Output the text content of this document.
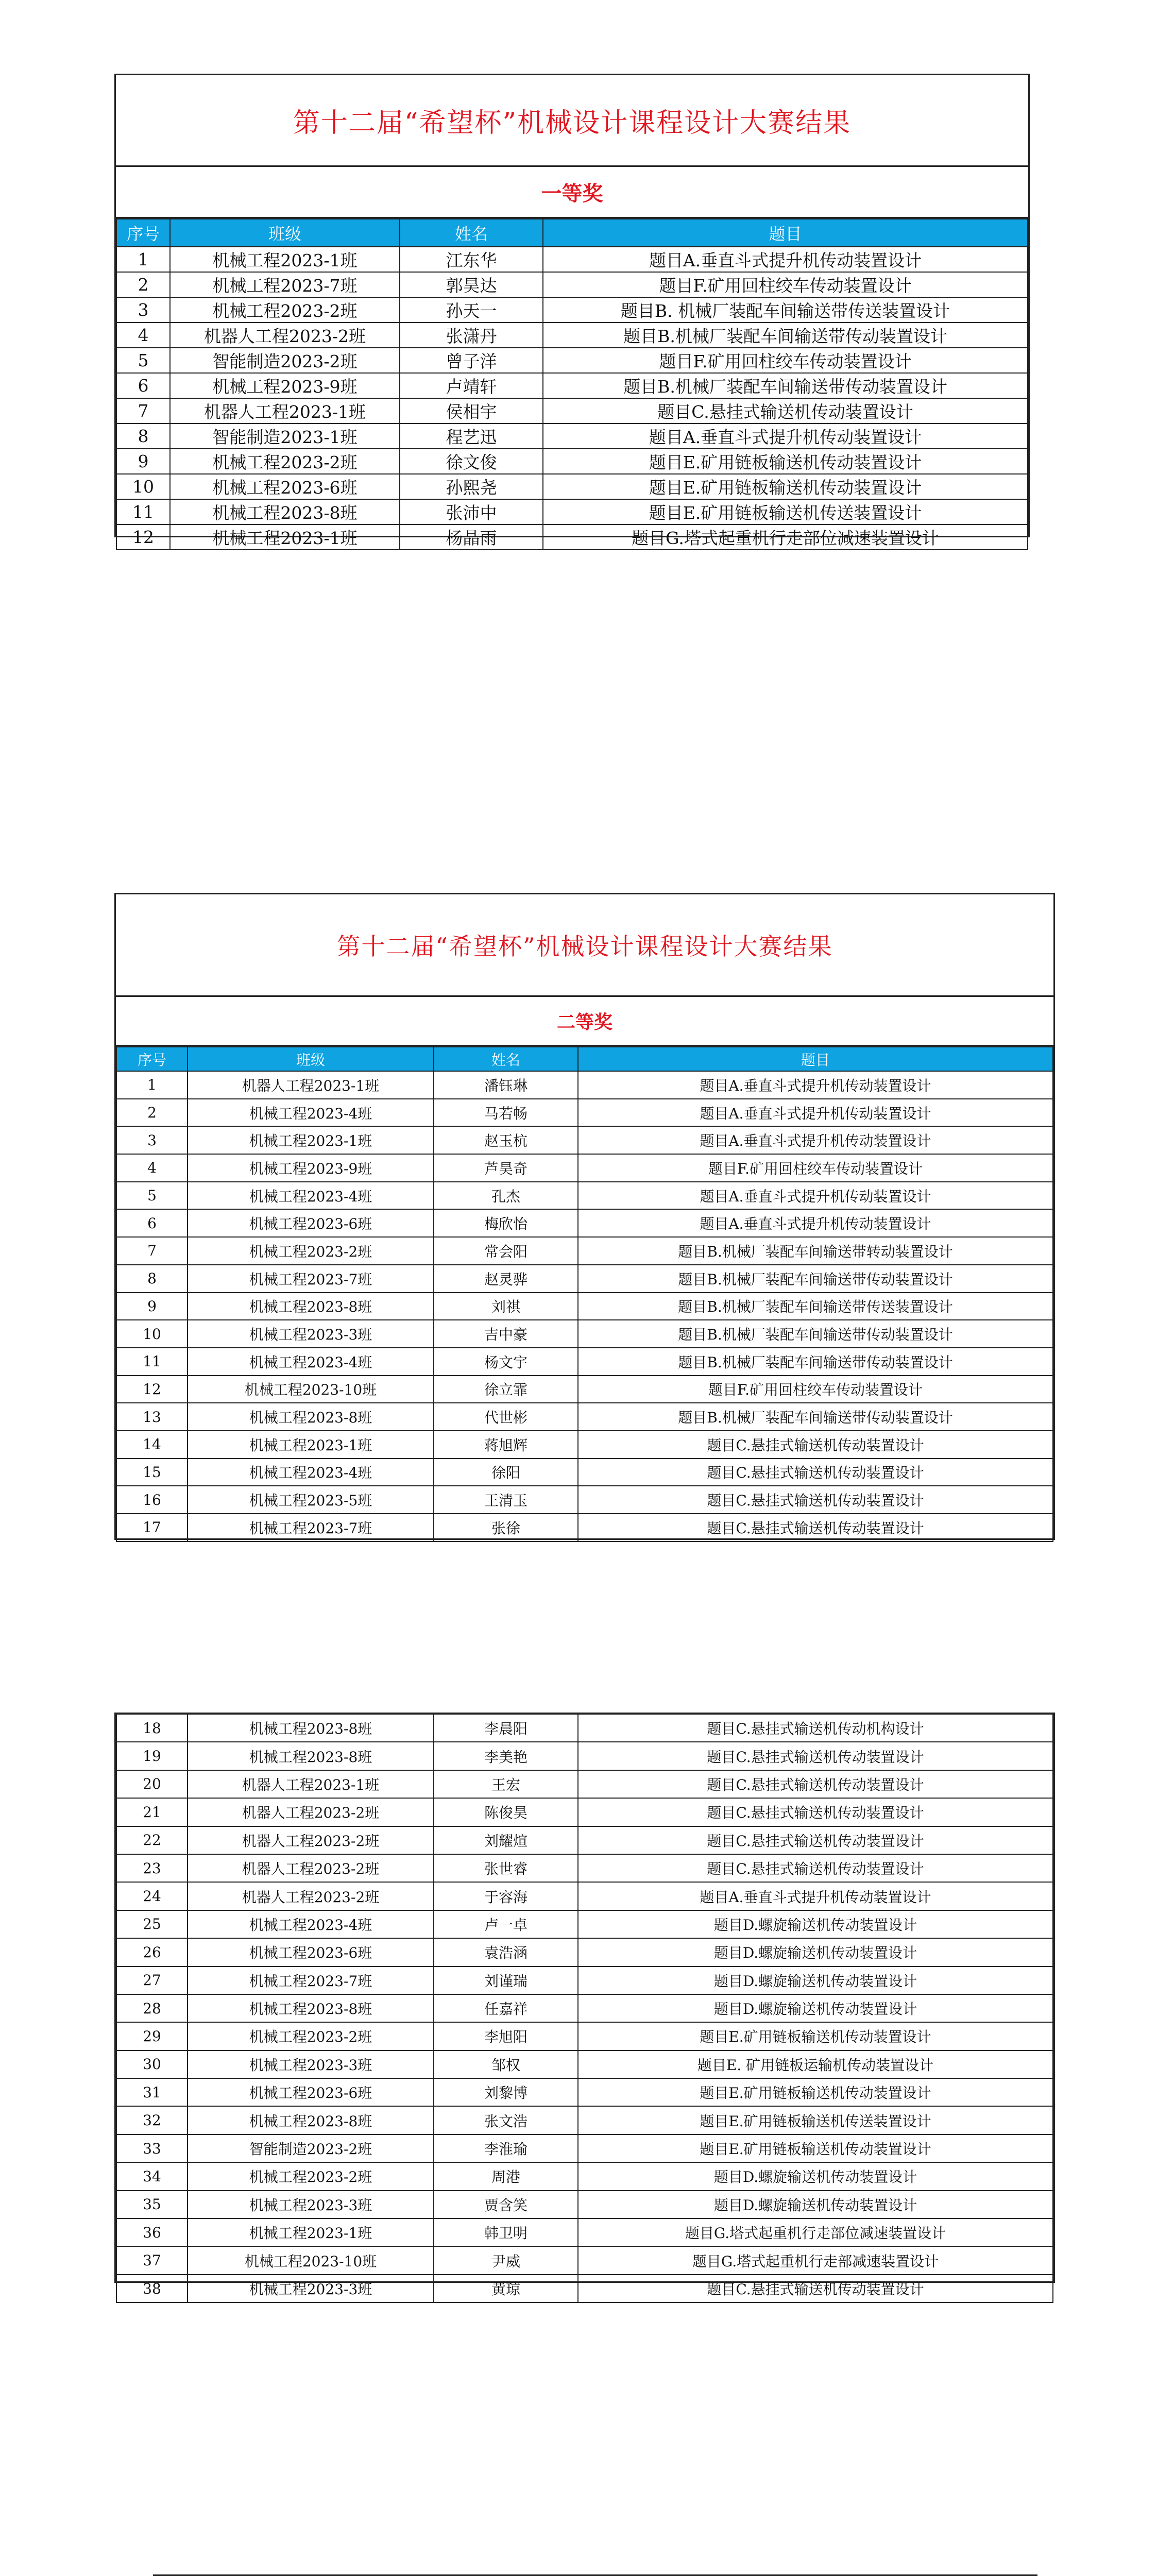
第十二届“希望杯”机械设计课程设计大赛结果
一等奖
序号	班级	姓名	题目
1	机械工程2023-1班	江东华	题目A.垂直斗式提升机传动装置设计
2	机械工程2023-7班	郭昊达	题目F.矿用回柱绞车传动装置设计
3	机械工程2023-2班	孙天一	题目B. 机械厂装配车间输送带传送装置设计
4	机器人工程2023-2班	张潇丹	题目B.机械厂装配车间输送带传动装置设计
5	智能制造2023-2班	曾子洋	题目F.矿用回柱绞车传动装置设计
6	机械工程2023-9班	卢靖轩	题目B.机械厂装配车间输送带传动装置设计
7	机器人工程2023-1班	侯相宇	题目C.悬挂式输送机传动装置设计
8	智能制造2023-1班	程艺迅	题目A.垂直斗式提升机传动装置设计
9	机械工程2023-2班	徐文俊	题目E.矿用链板输送机传动装置设计
10	机械工程2023-6班	孙熙尧	题目E.矿用链板输送机传动装置设计
11	机械工程2023-8班	张沛中	题目E.矿用链板输送机传送装置设计
12	机械工程2023-1班	杨晶雨	题目G.塔式起重机行走部位减速装置设计
第十二届“希望杯”机械设计课程设计大赛结果
二等奖
序号	班级	姓名	题目
1	机器人工程2023-1班	潘钰琳	题目A.垂直斗式提升机传动装置设计
2	机械工程2023-4班	马若畅	题目A.垂直斗式提升机传动装置设计
3	机械工程2023-1班	赵玉杭	题目A.垂直斗式提升机传动装置设计
4	机械工程2023-9班	芦昊奇	题目F.矿用回柱绞车传动装置设计
5	机械工程2023-4班	孔杰	题目A.垂直斗式提升机传动装置设计
6	机械工程2023-6班	梅欣怡	题目A.垂直斗式提升机传动装置设计
7	机械工程2023-2班	常会阳	题目B.机械厂装配车间输送带转动装置设计
8	机械工程2023-7班	赵灵骅	题目B.机械厂装配车间输送带传动装置设计
9	机械工程2023-8班	刘祺	题目B.机械厂装配车间输送带传送装置设计
10	机械工程2023-3班	吉中豪	题目B.机械厂装配车间输送带传动装置设计
11	机械工程2023-4班	杨文宇	题目B.机械厂装配车间输送带传动装置设计
12	机械工程2023-10班	徐立霏	题目F.矿用回柱绞车传动装置设计
13	机械工程2023-8班	代世彬	题目B.机械厂装配车间输送带传动装置设计
14	机械工程2023-1班	蒋旭辉	题目C.悬挂式输送机传动装置设计
15	机械工程2023-4班	徐阳	题目C.悬挂式输送机传动装置设计
16	机械工程2023-5班	王清玉	题目C.悬挂式输送机传动装置设计
17	机械工程2023-7班	张徐	题目C.悬挂式输送机传动装置设计
18	机械工程2023-8班	李晨阳	题目C.悬挂式输送机传动机构设计
19	机械工程2023-8班	李美艳	题目C.悬挂式输送机传动装置设计
20	机器人工程2023-1班	王宏	题目C.悬挂式输送机传动装置设计
21	机器人工程2023-2班	陈俊昊	题目C.悬挂式输送机传动装置设计
22	机器人工程2023-2班	刘耀煊	题目C.悬挂式输送机传动装置设计
23	机器人工程2023-2班	张世睿	题目C.悬挂式输送机传动装置设计
24	机器人工程2023-2班	于容海	题目A.垂直斗式提升机传动装置设计
25	机械工程2023-4班	卢一卓	题目D.螺旋输送机传动装置设计
26	机械工程2023-6班	袁浩涵	题目D.螺旋输送机传动装置设计
27	机械工程2023-7班	刘谨瑞	题目D.螺旋输送机传动装置设计
28	机械工程2023-8班	任嘉祥	题目D.螺旋输送机传动装置设计
29	机械工程2023-2班	李旭阳	题目E.矿用链板输送机传动装置设计
30	机械工程2023-3班	邹权	题目E. 矿用链板运输机传动装置设计
31	机械工程2023-6班	刘黎博	题目E.矿用链板输送机传动装置设计
32	机械工程2023-8班	张文浩	题目E.矿用链板输送机传送装置设计
33	智能制造2023-2班	李淮瑜	题目E.矿用链板输送机传动装置设计
34	机械工程2023-2班	周港	题目D.螺旋输送机传动装置设计
35	机械工程2023-3班	贾含笑	题目D.螺旋输送机传动装置设计
36	机械工程2023-1班	韩卫明	题目G.塔式起重机行走部位减速装置设计
37	机械工程2023-10班	尹威	题目G.塔式起重机行走部减速装置设计
38	机械工程2023-3班	黄琼	题目C.悬挂式输送机传动装置设计
